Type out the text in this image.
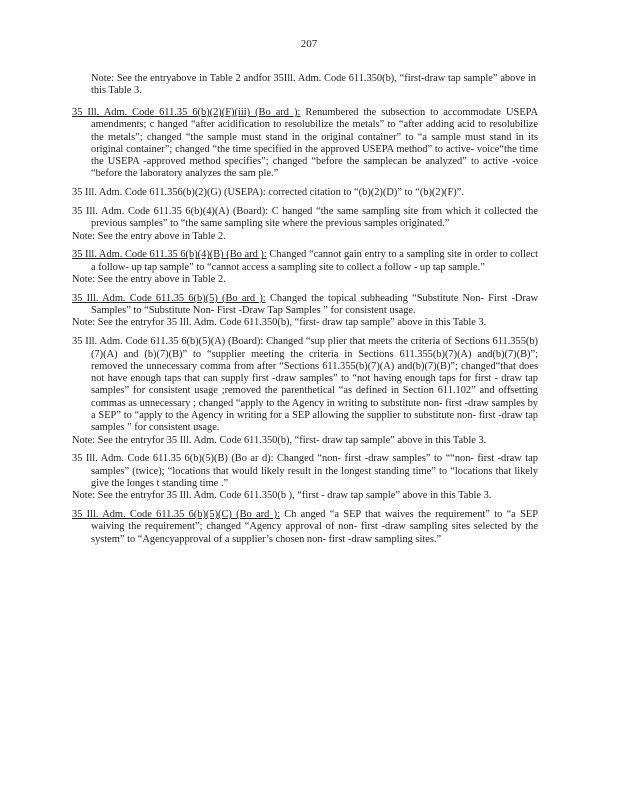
207
Note: See the entryabove in Table 2 andfor 35Ill. Adm. Code 611.350(b), “first-draw tap sample” above in this Table 3.

35 Ill. Adm. Code 611.35 6(b)(2)(F)(iii) (Bo ard ): Renumbered the subsection to accommodate USEPA amendments; c hanged “after acidification to resolubilize the metals” to “after adding acid to resolubilize the metals”; changed “the sample must stand in the original container” to “a sample must stand in its original container”; changed “the time specified in the approved USEPA method” to active- voice“the time the USEPA -approved method specifies”; changed “before the samplecan be analyzed” to active -voice “before the laboratory analyzes the sam ple.”

35 Ill. Adm. Code 611.356(b)(2)(G) (USEPA): corrected citation to “(b)(2)(D)” to “(b)(2)(F)”.

35 Ill. Adm. Code 611.35 6(b)(4)(A) (Board): C hanged “the same sampling site from which it collected the previous samples” to “the same sampling site where the previous samples originated.”

Note: See the entry above in Table 2.

35 Ill. Adm. Code 611.35 6(b)(4)(B) (Bo ard ): Changed “cannot gain entry to a sampling site in order to collect a follow- up tap sample” to “cannot access a sampling site to collect a follow - up tap sample.”

Note: See the entry above in Table 2.

35 Ill. Adm. Code 611.35 6(b)(5) (Bo ard ): Changed the topical subheading “Substitute Non- First -Draw Samples” to “Substitute Non- First -Draw Tap Samples ” for consistent usage.

Note: See the entryfor 35 Ill. Adm. Code 611.350(b), “first- draw tap sample” above in this Table 3.

35 Ill. Adm. Code 611.35 6(b)(5)(A) (Board): Changed “sup plier that meets the criteria of Sections 611.355(b)(7)(A) and (b)(7)(B)” to “supplier meeting the criteria in Sections 611.355(b)(7)(A) and(b)(7)(B)”; removed the unnecessary comma from after “Sections 611.355(b)(7)(A) and(b)(7)(B)”; changed“that does not have enough taps that can supply first -draw samples” to “not having enough taps for first - draw tap samples” for consistent usage ;removed the parenthetical “as defined in Section 611.102” and offsetting commas as unnecessary ; changed “apply to the Agency in writing to substitute non- first -draw samples by a SEP” to “apply to the Agency in writing for a SEP allowing the supplier to substitute non- first -draw tap samples ” for consistent usage.

Note: See the entryfor 35 Ill. Adm. Code 611.350(b), “first- draw tap sample” above in this Table 3.

35 Ill. Adm. Code 611.35 6(b)(5)(B) (Bo ar d): Changed “non- first -draw samples” to ““non- first -draw tap samples” (twice); “locations that would likely result in the longest standing time” to “locations that likely give the longes t standing time .”

Note: See the entryfor 35 Ill. Adm. Code 611.350(b ), “first - draw tap sample” above in this Table 3.

35 Ill. Adm. Code 611.35 6(b)(5)(C) (Bo ard ): Ch anged “a SEP that waives the requirement” to “a SEP waiving the requirement”; changed “Agency approval of non- first -draw sampling sites selected by the system” to “Agencyapproval of a supplier’s chosen non- first -draw sampling sites.”
